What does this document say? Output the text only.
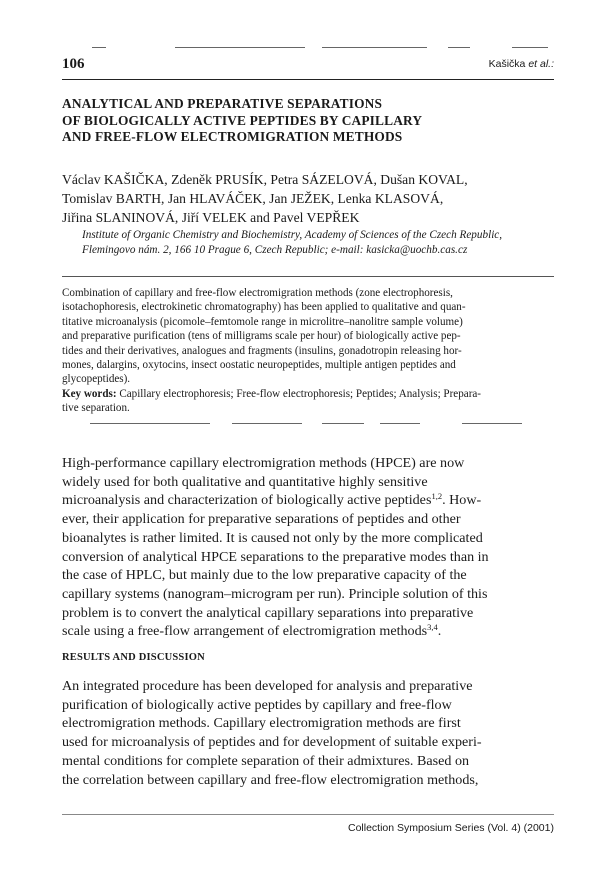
106	Kašička et al.:
ANALYTICAL AND PREPARATIVE SEPARATIONS
OF BIOLOGICALLY ACTIVE PEPTIDES BY CAPILLARY
AND FREE-FLOW ELECTROMIGRATION METHODS
Václav KAŠIČKA, Zdeněk PRUSÍK, Petra SÁZELOVÁ, Dušan KOVAL,
Tomislav BARTH, Jan HLAVÁČEK, Jan JEŽEK, Lenka KLASOVÁ,
Jiřina SLANINOVÁ, Jiří VELEK and Pavel VEPŘEK
Institute of Organic Chemistry and Biochemistry, Academy of Sciences of the Czech Republic,
Flemingovo nám. 2, 166 10 Prague 6, Czech Republic; e-mail: kasicka@uochb.cas.cz
Combination of capillary and free-flow electromigration methods (zone electrophoresis,
isotachophoresis, electrokinetic chromatography) has been applied to qualitative and quan-
titative microanalysis (picomole–femtomole range in microlitre–nanolitre sample volume)
and preparative purification (tens of milligrams scale per hour) of biologically active pep-
tides and their derivatives, analogues and fragments (insulins, gonadotropin releasing hor-
mones, dalargins, oxytocins, insect oostatic neuropeptides, multiple antigen peptides and
glycopeptides).
Key words: Capillary electrophoresis; Free-flow electrophoresis; Peptides; Analysis; Prepara-
tive separation.
High-performance capillary electromigration methods (HPCE) are now
widely used for both qualitative and quantitative highly sensitive
microanalysis and characterization of biologically active peptides$^{1,2}$. How-
ever, their application for preparative separations of peptides and other
bioanalytes is rather limited. It is caused not only by the more complicated
conversion of analytical HPCE separations to the preparative modes than in
the case of HPLC, but mainly due to the low preparative capacity of the
capillary systems (nanogram–microgram per run). Principle solution of this
problem is to convert the analytical capillary separations into preparative
scale using a free-flow arrangement of electromigration methods$^{3,4}$.
RESULTS AND DISCUSSION
An integrated procedure has been developed for analysis and preparative
purification of biologically active peptides by capillary and free-flow
electromigration methods. Capillary electromigration methods are first
used for microanalysis of peptides and for development of suitable experi-
mental conditions for complete separation of their admixtures. Based on
the correlation between capillary and free-flow electromigration methods,
Collection Symposium Series (Vol. 4) (2001)
